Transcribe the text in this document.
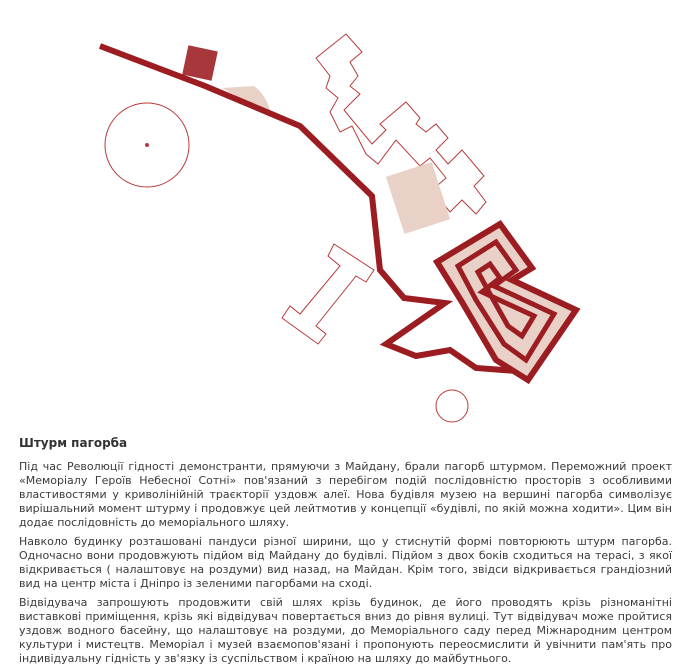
Штурм пагорба

Під час Революції гідності демонстранти, прямуючи з Майдану, брали пагорб штурмом. Переможний проект «Меморіалу Героїв Небесної Сотні» пов'язаний з перебігом подій послідовністю просторів з особливими властивостями у криволінійній траєкторії уздовж алеї. Нова будівля музею на вершині пагорба символізує вирішальний момент штурму і продовжує цей лейтмотив у концепції «будівлі, по якій можна ходити». Цим він додає послідовність до меморіального шляху.

Навколо будинку розташовані пандуси різної ширини, що у стиснутій формі повторюють штурм пагорба. Одночасно вони продовжують підйом від Майдану до будівлі. Підйом з двох боків сходиться на терасі, з якої відкривається ( налаштовує на роздуми) вид назад, на Майдан. Крім того, звідси відкривається грандіозний вид на центр міста і Дніпро із зеленими пагорбами на сході.

Відвідувача запрошують продовжити свій шлях крізь будинок, де його проводять крізь різноманітні виставкові приміщення, крізь які відвідувач повертається вниз до рівня вулиці. Тут відвідувач може пройтися уздовж водного басейну, що налаштовує на роздуми, до Меморіального саду перед Міжнародним центром культури і мистецтв. Меморіал і музей взаємопов'язані і пропонують переосмислити й увічнити пам'ять про індивідуальну гідність у зв'язку із суспільством і країною на шляху до майбутнього.
